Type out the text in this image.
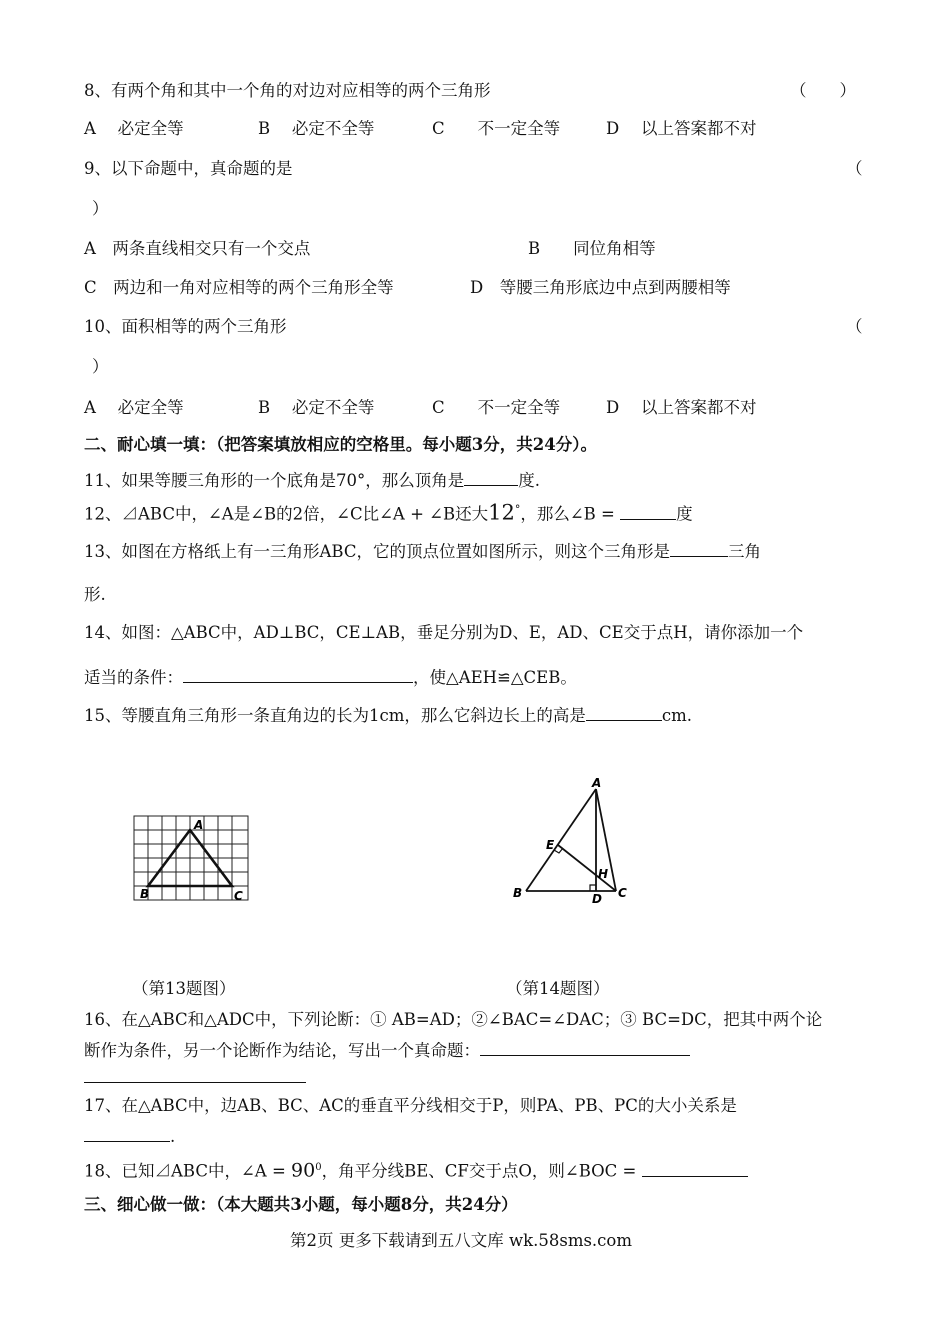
8、有两个角和其中一个角的对边对应相等的两个三角形	（　　）
A　 必定全等	B　 必定不全等	C　　不一定全等	D　 以上答案都不对
9、以下命题中，真命题的是	（
）
A　两条直线相交只有一个交点	B　　同位角相等
C　两边和一角对应相等的两个三角形全等	D　等腰三角形底边中点到两腰相等
10、面积相等的两个三角形	（
）
A　 必定全等	B　 必定不全等	C　　不一定全等	D　 以上答案都不对
二、耐心填一填：（把答案填放相应的空格里。每小题3分，共24分）。
11、如果等腰三角形的一个底角是70°，那么顶角是	度.
12、⊿ABC中，∠A是∠B的2倍，∠C比∠A + ∠B还大12°，那么∠B =	度
13、如图在方格纸上有一三角形ABC，它的顶点位置如图所示，则这个三角形是	三角
形.
14、如图：△ABC中，AD⊥BC，CE⊥AB，垂足分别为D、E，AD、CE交于点H，请你添加一个
适当的条件：	，使△AEH≌△CEB。
15、等腰直角三角形一条直角边的长为1cm，那么它斜边长上的高是	cm.
A
B	C
A
E
H
B	D C
（第13题图）	（第14题图）
16、在△ABC和△ADC中，下列论断：① AB=AD；②∠BAC=∠DAC；③ BC=DC，把其中两个论
断作为条件，另一个论断作为结论，写出一个真命题：
17、在△ABC中，边AB、BC、AC的垂直平分线相交于P，则PA、PB、PC的大小关系是
.
18、已知⊿ABC中，∠A = $90^0$，角平分线BE、CF交于点O，则∠BOC =
三、细心做一做：（本大题共3小题，每小题8分，共24分）
第2页 更多下载请到五八文库 wk.58sms.com
